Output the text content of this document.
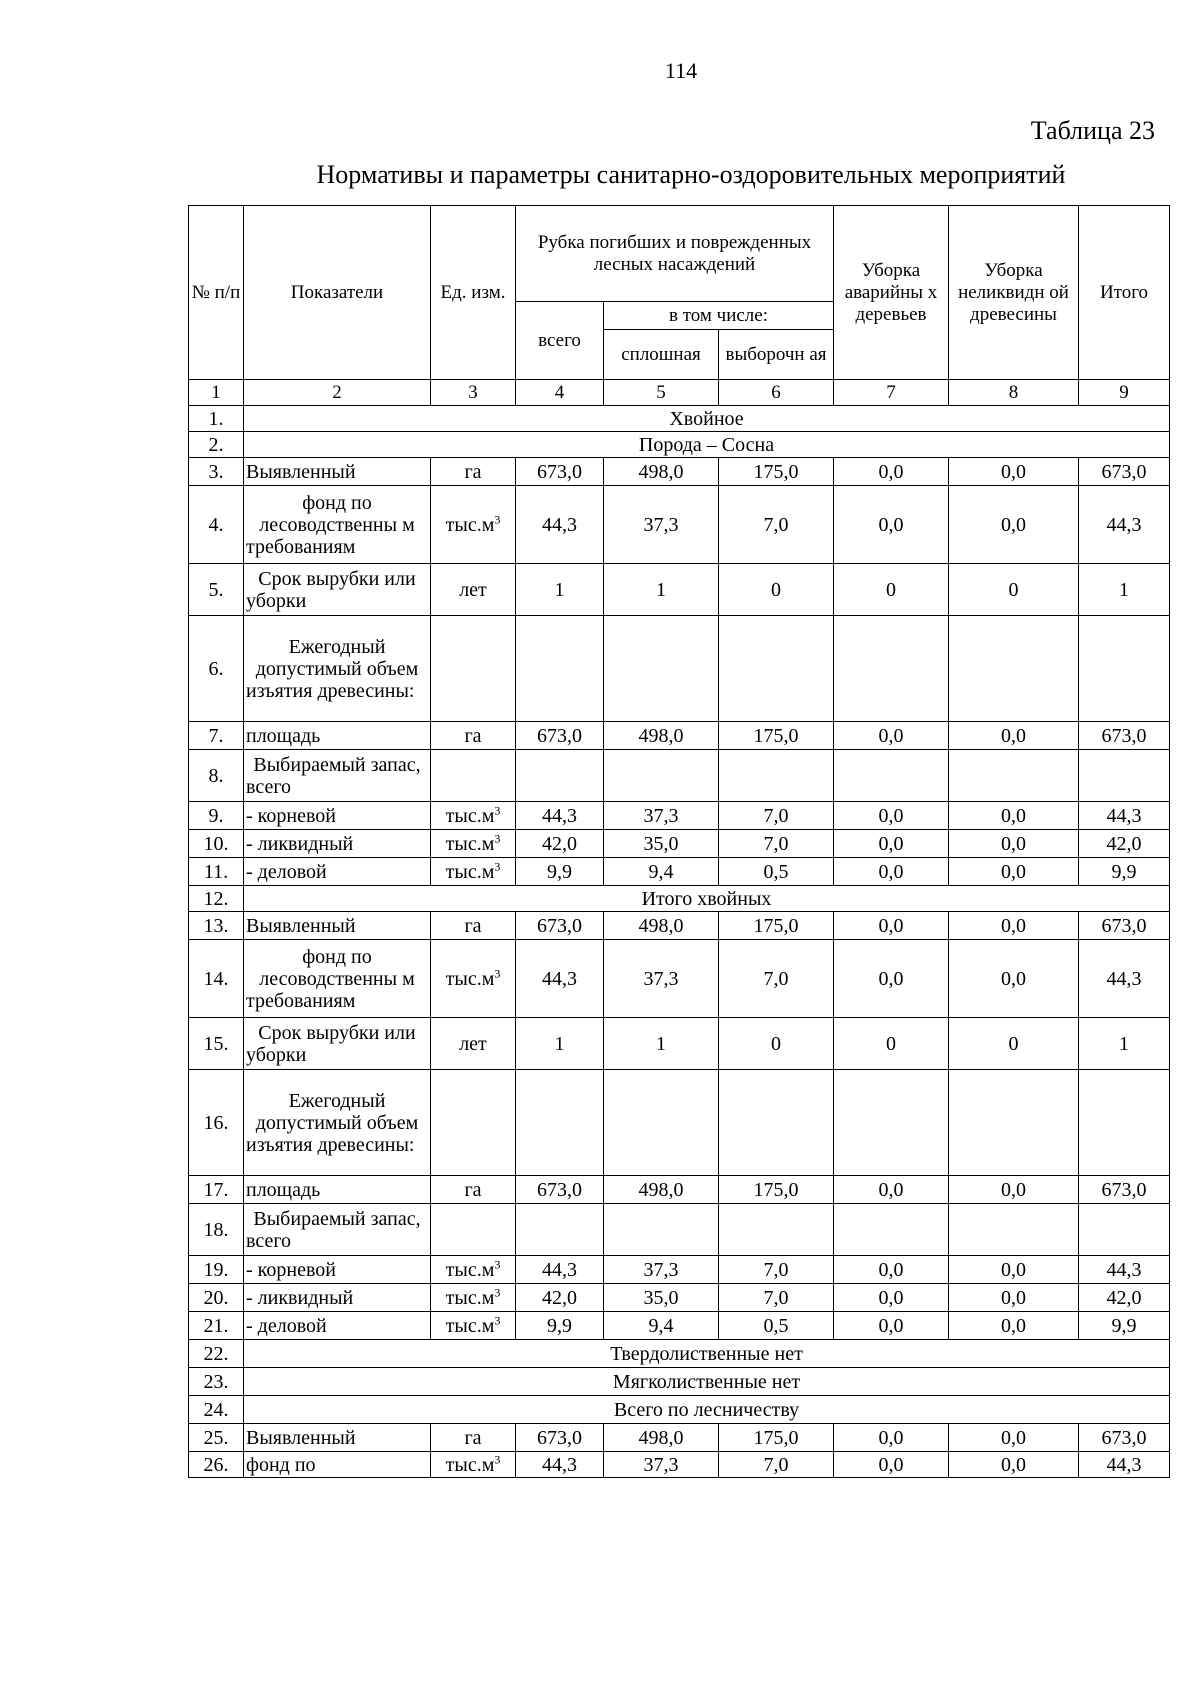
114
Таблица 23
Нормативы и параметры санитарно-оздоровительных мероприятий
№ п/п	Показатели	Ед. изм.	Рубка погибших и поврежденных лесных насаждений			Уборка аварийны х деревьев	Уборка неликвидн ой древесины	Итого
			всего	в том числе:				
				сплошная	выборочн ая			
1	2	3	4	5	6	7	8	9
1.	Хвойное							
2.	Порода – Сосна							
3.	Выявленный	га	673,0	498,0	175,0	0,0	0,0	673,0
4.	фонд по лесоводственны м требованиям	$тыс.м^3$	44,3	37,3	7,0	0,0	0,0	44,3
5.	Срок вырубки или уборки	лет	1	1	0	0	0	1
6.	Ежегодный допустимый объем изъятия древесины:							
7.	площадь	га	673,0	498,0	175,0	0,0	0,0	673,0
8.	Выбираемый запас, всего							
9.	- корневой	$тыс.м^3$	44,3	37,3	7,0	0,0	0,0	44,3
10.	- ликвидный	$тыс.м^3$	42,0	35,0	7,0	0,0	0,0	42,0
11.	- деловой	$тыс.м^3$	9,9	9,4	0,5	0,0	0,0	9,9
12.	Итого хвойных							
13.	Выявленный	га	673,0	498,0	175,0	0,0	0,0	673,0
14.	фонд по лесоводственны м требованиям	$тыс.м^3$	44,3	37,3	7,0	0,0	0,0	44,3
15.	Срок вырубки или уборки	лет	1	1	0	0	0	1
16.	Ежегодный допустимый объем изъятия древесины:							
17.	площадь	га	673,0	498,0	175,0	0,0	0,0	673,0
18.	Выбираемый запас, всего							
19.	- корневой	$тыс.м^3$	44,3	37,3	7,0	0,0	0,0	44,3
20.	- ликвидный	$тыс.м^3$	42,0	35,0	7,0	0,0	0,0	42,0
21.	- деловой	$тыс.м^3$	9,9	9,4	0,5	0,0	0,0	9,9
22.	Твердолиственные нет							
23.	Мягколиственные нет							
24.	Всего по лесничеству							
25.	Выявленный	га	673,0	498,0	175,0	0,0	0,0	673,0
26.	фонд по	$тыс.м^3$	44,3	37,3	7,0	0,0	0,0	44,3
